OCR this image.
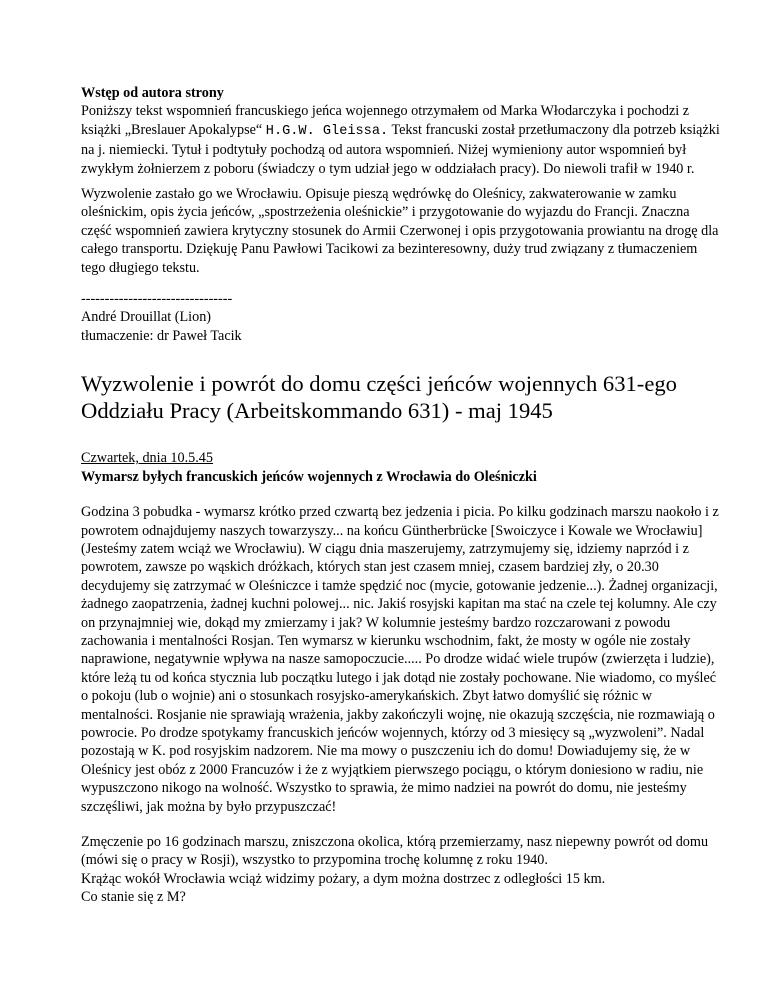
Wstęp od autora strony
Poniższy tekst wspomnień francuskiego jeńca wojennego otrzymałem od Marka Włodarczyka i pochodzi z książki „Breslauer Apokalypse“ H.G.W. Gleissa. Tekst francuski został przetłumaczony dla potrzeb książki na j. niemiecki. Tytuł i podtytuły pochodzą od autora wspomnień. Niżej wymieniony autor wspomnień był zwykłym żołnierzem z poboru (świadczy o tym udział jego w oddziałach pracy). Do niewoli trafił w 1940 r.

Wyzwolenie zastało go we Wrocławiu. Opisuje pieszą wędrówkę do Oleśnicy, zakwaterowanie w zamku oleśnickim, opis życia jeńców, „spostrzeżenia oleśnickie” i przygotowanie do wyjazdu do Francji. Znaczna część wspomnień zawiera krytyczny stosunek do Armii Czerwonej i opis przygotowania prowiantu na drogę dla całego transportu. Dziękuję Panu Pawłowi Tacikowi za bezinteresowny, duży trud związany z tłumaczeniem tego długiego tekstu.

--------------------------------
André Drouillat (Lion)
tłumaczenie: dr Paweł Tacik

Wyzwolenie i powrót do domu części jeńców wojennych 631-ego Oddziału Pracy (Arbeitskommando 631) - maj 1945

Czwartek, dnia 10.5.45
Wymarsz byłych francuskich jeńców wojennych z Wrocławia do Oleśniczki

Godzina 3 pobudka - wymarsz krótko przed czwartą bez jedzenia i picia. Po kilku godzinach marszu naokoło i z powrotem odnajdujemy naszych towarzyszy... na końcu Güntherbrücke [Swoiczyce i Kowale we Wrocławiu] (Jesteśmy zatem wciąż we Wrocławiu). W ciągu dnia maszerujemy, zatrzymujemy się, idziemy naprzód i z powrotem, zawsze po wąskich dróżkach, których stan jest czasem mniej, czasem bardziej zły, o 20.30 decydujemy się zatrzymać w Oleśniczce i tamże spędzić noc (mycie, gotowanie jedzenie...). Żadnej organizacji, żadnego zaopatrzenia, żadnej kuchni polowej... nic. Jakiś rosyjski kapitan ma stać na czele tej kolumny. Ale czy on przynajmniej wie, dokąd my zmierzamy i jak? W kolumnie jesteśmy bardzo rozczarowani z powodu zachowania i mentalności Rosjan. Ten wymarsz w kierunku wschodnim, fakt, że mosty w ogóle nie zostały naprawione, negatywnie wpływa na nasze samopoczucie..... Po drodze widać wiele trupów (zwierzęta i ludzie), które leżą tu od końca stycznia lub początku lutego i jak dotąd nie zostały pochowane. Nie wiadomo, co myśleć o pokoju (lub o wojnie) ani o stosunkach rosyjsko-amerykańskich. Zbyt łatwo domyślić się różnic w mentalności. Rosjanie nie sprawiają wrażenia, jakby zakończyli wojnę, nie okazują szczęścia, nie rozmawiają o powrocie. Po drodze spotykamy francuskich jeńców wojennych, którzy od 3 miesięcy są „wyzwoleni”. Nadal pozostają w K. pod rosyjskim nadzorem. Nie ma mowy o puszczeniu ich do domu! Dowiadujemy się, że w Oleśnicy jest obóz z 2000 Francuzów i że z wyjątkiem pierwszego pociągu, o którym doniesiono w radiu, nie wypuszczono nikogo na wolność. Wszystko to sprawia, że mimo nadziei na powrót do domu, nie jesteśmy szczęśliwi, jak można by było przypuszczać!

Zmęczenie po 16 godzinach marszu, zniszczona okolica, którą przemierzamy, nasz niepewny powrót od domu (mówi się o pracy w Rosji), wszystko to przypomina trochę kolumnę z roku 1940.
Krążąc wokół Wrocławia wciąż widzimy pożary, a dym można dostrzec z odległości 15 km.
Co stanie się z M?
